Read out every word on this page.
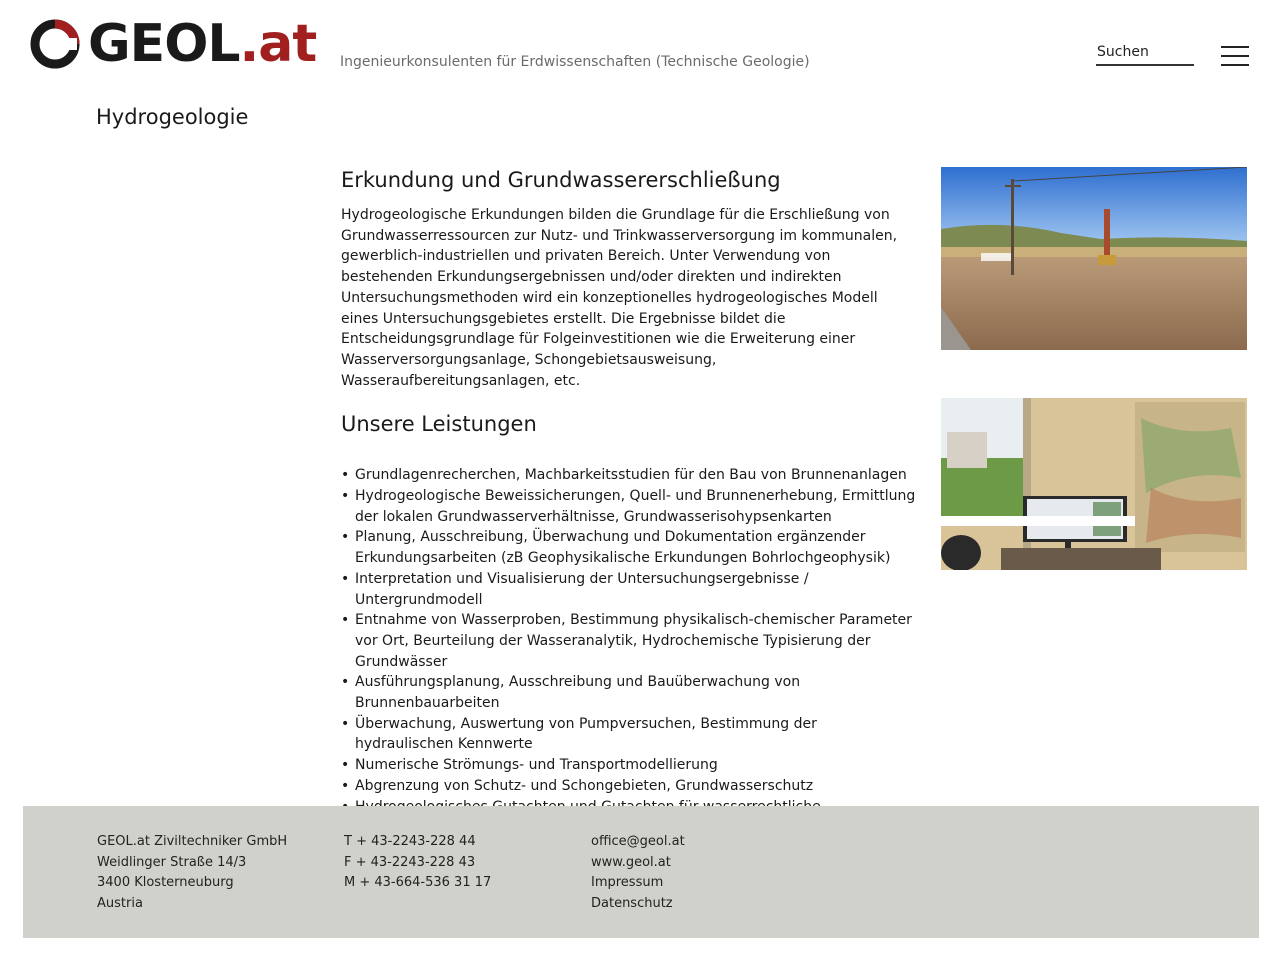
GEOL.at Ingenieurkonsulenten für Erdwissenschaften (Technische Geologie)
Suchen
Hydrogeologie
Erkundung und Grundwassererschließung

Hydrogeologische Erkundungen bilden die Grundlage für die Erschließung von Grundwasserressourcen zur Nutz- und Trinkwasserversorgung im kommunalen, gewerblich-industriellen und privaten Bereich. Unter Verwendung von bestehenden Erkundungsergebnissen und/oder direkten und indirekten Untersuchungsmethoden wird ein konzeptionelles hydrogeologisches Modell eines Untersuchungsgebietes erstellt. Die Ergebnisse bildet die Entscheidungsgrundlage für Folgeinvestitionen wie die Erweiterung einer Wasserversorgungsanlage, Schongebietsausweisung, Wasseraufbereitungsanlagen, etc.

Unsere Leistungen
• Grundlagenrecherchen, Machbarkeitsstudien für den Bau von Brunnenanlagen
• Hydrogeologische Beweissicherungen, Quell- und Brunnenerhebung, Ermittlung der lokalen Grundwasserverhältnisse, Grundwasserisohypsenkarten
• Planung, Ausschreibung, Überwachung und Dokumentation ergänzender Erkundungsarbeiten (zB Geophysikalische Erkundungen Bohrlochgeophysik)
• Interpretation und Visualisierung der Untersuchungsergebnisse / Untergrundmodell
• Entnahme von Wasserproben, Bestimmung physikalisch-chemischer Parameter vor Ort, Beurteilung der Wasseranalytik, Hydrochemische Typisierung der Grundwässer
• Ausführungsplanung, Ausschreibung und Bauüberwachung von Brunnenbauarbeiten
• Überwachung, Auswertung von Pumpversuchen, Bestimmung der hydraulischen Kennwerte
• Numerische Strömungs- und Transportmodellierung
• Abgrenzung von Schutz- und Schongebieten, Grundwasserschutz
•
GEOL.at Ziviltechniker GmbH
Weidlinger Straße 14/3
3400 Klosterneuburg
Austria
T + 43-2243-228 44
F + 43-2243-228 43
M + 43-664-536 31 17
office@geol.at
www.geol.at
Impressum
Datenschutz
